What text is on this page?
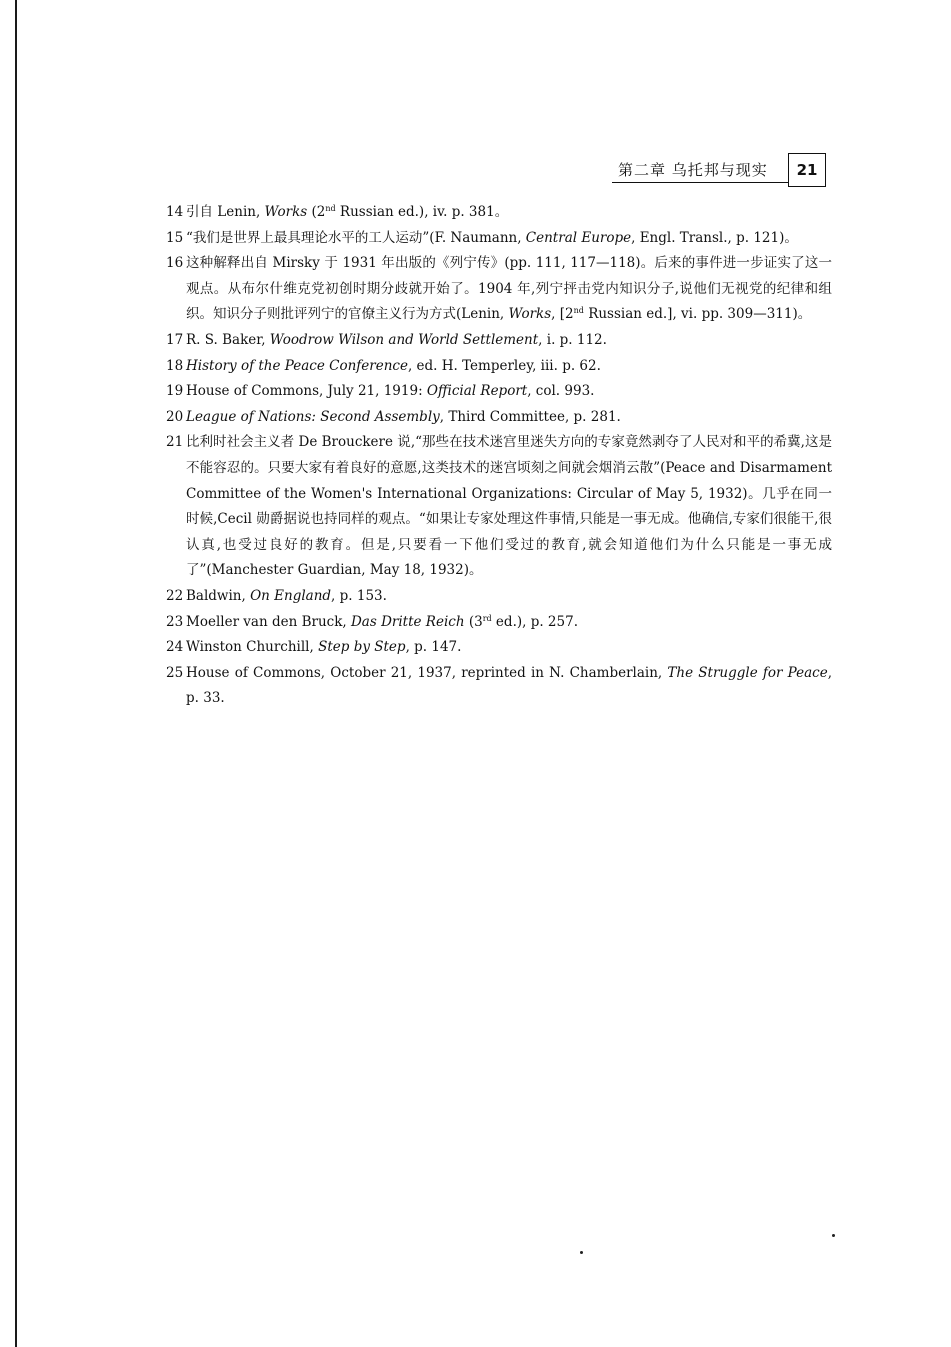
第二章 乌托邦与现实	21
14 引自 Lenin, Works (2nd Russian ed.), iv. p. 381。
15 “我们是世界上最具理论水平的工人运动”(F. Naumann, Central Europe, Engl. Transl., p. 121)。
16 这种解释出自 Mirsky 于 1931 年出版的《列宁传》(pp. 111, 117—118)。后来的事件进一步证实了这一观点。从布尔什维克党初创时期分歧就开始了。1904 年,列宁抨击党内知识分子,说他们无视党的纪律和组织。知识分子则批评列宁的官僚主义行为方式(Lenin, Works, [2nd Russian ed.], vi. pp. 309—311)。
17 R. S. Baker, Woodrow Wilson and World Settlement, i. p. 112.
18 History of the Peace Conference, ed. H. Temperley, iii. p. 62.
19 House of Commons, July 21, 1919: Official Report, col. 993.
20 League of Nations: Second Assembly, Third Committee, p. 281.
21 比利时社会主义者 De Brouckere 说,“那些在技术迷宫里迷失方向的专家竟然剥夺了人民对和平的希冀,这是不能容忍的。只要大家有着良好的意愿,这类技术的迷宫顷刻之间就会烟消云散”(Peace and Disarmament Committee of the Women's International Organizations: Circular of May 5, 1932)。几乎在同一时候,Cecil 勋爵据说也持同样的观点。“如果让专家处理这件事情,只能是一事无成。他确信,专家们很能干,很认真,也受过良好的教育。但是,只要看一下他们受过的教育,就会知道他们为什么只能是一事无成了”(Manchester Guardian, May 18, 1932)。
22 Baldwin, On England, p. 153.
23 Moeller van den Bruck, Das Dritte Reich (3rd ed.), p. 257.
24 Winston Churchill, Step by Step, p. 147.
25 House of Commons, October 21, 1937, reprinted in N. Chamberlain, The Struggle for Peace, p. 33.
